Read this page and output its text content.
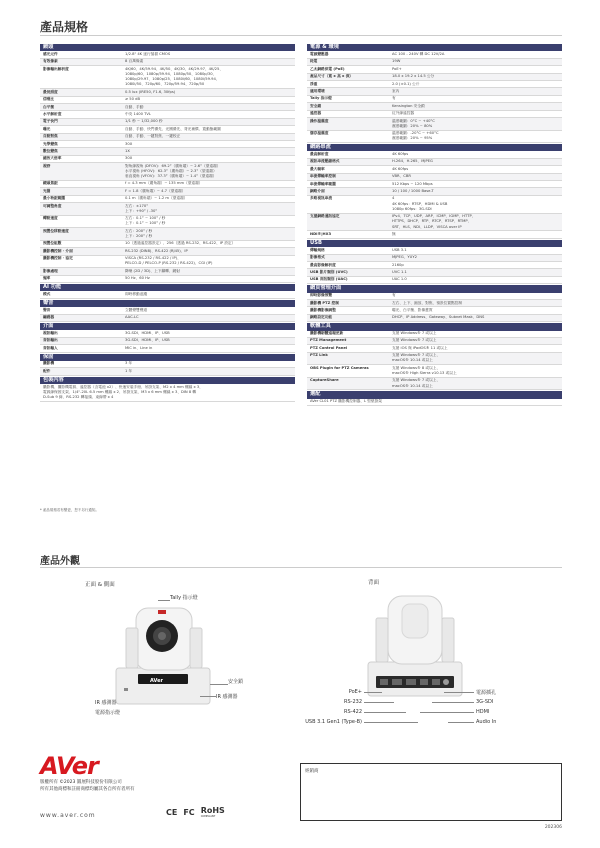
產品規格
鏡頭
感光元件	1/2.8" 4K 逐行掃描 CMOS
有效像素	8 百萬像素
影像輸出解析度	4K/60、4K/59.94、4K/50、4K/30、4K/29.97、4K/25、
1080p/60、1080p/59.94、1080p/50、1080p/30、
1080p/29.97、1080p/25、1080i/60、1080i/59.94、
1080i/50、720p/60、720p/59.94、720p/50
最低照度	0.5 lux (IRE50, F1.6, 30fps)
信噪比	≥ 50 dB
白平衡	自動、手動
水平解析度	中央 1400 TVL
電子快門	1/1 秒 ~ 1/32,000 秒
曝光	自動、手動、快門優先、光圈優先、背光補償、寬動態範圍
自動對焦	自動、手動、一鍵對焦、一鍵校正
光學變焦	30X
數位變焦	1X
總放大倍率	30X
視野	對角線視角 (DFOV)：69.2°（廣角端）~ 2.6°（望遠端）
水平視角 (HFOV)：62.3°（廣角端）~ 2.3°（望遠端）
垂直視角 (VFOV)：37.3°（廣角端）~ 1.4°（望遠端）
鏡頭焦距	f = 4.3 mm（廣角端）~ 135 mm（望遠端）
光圈	F = 1.8（廣角端）~ 4.7（望遠端）
最小物距範圍	0.1 m（廣角端）~ 1.2 m（望遠端）
可調整角度	左右：±170°
上下：+90° / -30°
轉動速度	左右：0.1° ~ 100° / 秒
上下：0.1° ~ 100° / 秒
預置位移動速度	左右：200° / 秒
上下：200° / 秒
預置位組數	10（透過遙控器設定）、256（透過 RS-232、RS-422、IP 設定）
攝影機控制 · 介面	RS-232 (DIN8)、RS-422 (RJ45)、IP
攝影機控制 · 協定	VISCA (RS-232 / RS-422 / IP)、
PELCO-D / PELCO-P (RS-232 / RS-422)、CGI (IP)
影像處理	降噪 (2D / 3D)、上下翻轉、鏡射
頻率	50 Hz、60 Hz
AI 功能
模式	即時移動追蹤
聲音
聲音	立體聲雙聲道
編碼器	AAC-LC
介面
視訊輸出	3G-SDI、HDMI、IP、USB
音訊輸出	3G-SDI、HDMI、IP、USB
音訊輸入	MIC in、Line in
保固
攝影機	3 年
配件	1 年
包裝內容
攝影機、攝影機電源、遙控器（含電池 x2）、快速安裝手冊、吊掛支架、M2 x 4 mm 螺絲 x 3、
電源線保固支架、1/4"-20L 6.5 mm 螺絲 x 2、吊掛支架、M3 x 6 mm 螺絲 x 3、DIN 8 轉
D-Sub 9 線、RS-232 轉接頭、束線帶 x 4
電源 & 環境
電源變壓器	AC 100 - 240V 轉 DC 12V/2A
耗電	19W
乙太網路供電 (PoE)	PoE+
產品尺寸（寬 x 高 x 深）	18.0 x 19.2 x 14.5 公分
淨重	2.0 (±0.1) 公斤
適用環境	室內
Tally 指示燈	有
安全鎖	Kensington 安全鎖
遙控器	紅外線遙控器
操作溫濕度	溫度範圍：0°C ~ +40°C
濕度範圍：20% ~ 80%
儲存溫濕度	溫度範圍：-20°C ~ +60°C
濕度範圍：20% ~ 95%
網路串流
最高解析度	4K 60fps
視訊串流壓縮格式	H.264、H.265、MJPEG
最大幀率	4K 60fps
串流傳輸率控制	VBR、CBR
串流傳輸率範圍	512 Kbps ~ 120 Mbps
網路介面	10 / 100 / 1000 Base-T
多路視訊串流	4
4K 60fps：RTSP、HDMI & USB
1080p 60fps：3G-SDI
支援網路通訊協定	IPv4、TCP、UDP、ARP、ICMP、IGMP、HTTP、
HTTPS、DHCP、RTP、RTCP、RTSP、RTMP、
SRT、HLS、NDI、LLDP、VISCA over IP
NDI®|HX3	無
USB
傳輸規格	USB 3.1
影像格式	MJPEG、YUY2
最高影像解析度	2160p
USB 影片類別 (UVC)	UVC 1.1
USB 音訊類別 (UAC)	UAC 1.0
網頁管理介面
即時影像預覽	有
攝影機 PTZ 控制	左右、上下、縮放、對焦、預設位置點控制
攝影機影像調整	曝光、白平衡、影像畫質
網路設定功能	DHCP、IP Address、Gateway、Subnet Mask、DNS
軟體工具
攝影機韌體遠端更新	支援 Windows® 7 或以上
PTZ Management	支援 Windows® 7 或以上
PTZ Control Panel	支援 iOS 與 iPadOS® 11 或以上
PTZ Link	支援 Windows® 7 或以上、
macOS® 10.14 或以上
OBS Plugin for PTZ Cameras	支援 Windows® 8 或以上、
macOS® High Sierra v10.13 或以上
CaptureShare	支援 Windows® 7 或以上、
macOS® 10.14 或以上
選配
AVer CL01 PTZ 攝影機控制器、L 型壁掛架
* 產品規格若有變更，恕不另行通知。
產品外觀
正面 & 側面	背面
AVer
Tally 指示燈
安全鎖
IR 感測器
電源指示燈
IR 感測器
PoE+
RS-232
RS-422
USB 3.1 Gen1 (Type-B)
電源插孔
3G-SDI
HDMI
Audio In
AVer
版權所有 ©2023 圓展科技股份有限公司
所有其他商標和註冊商標均屬其各自所有者所有
www.aver.com	CE FC RoHS
COMPLIANT
經銷商
202306
